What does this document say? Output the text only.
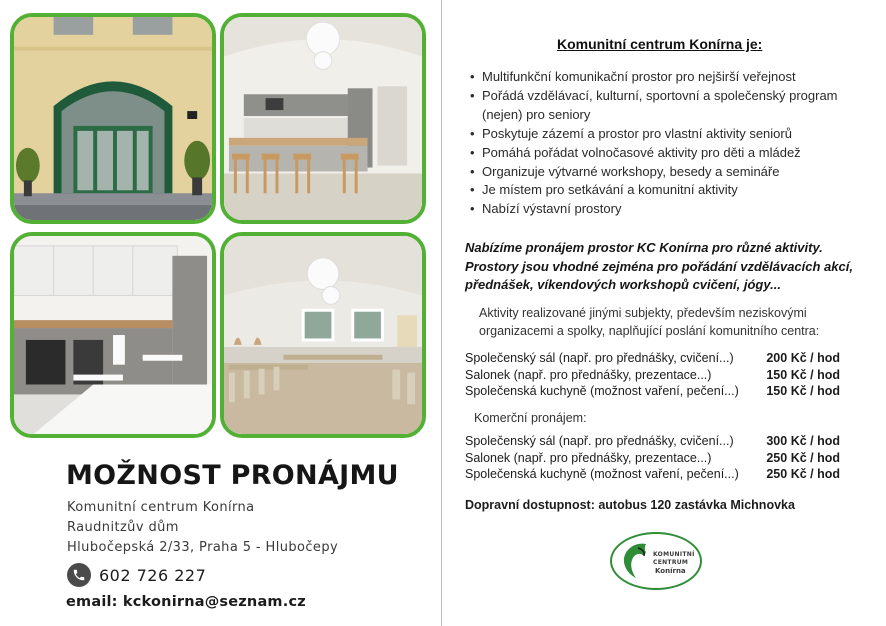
MOŽNOST PRONÁJMU
Komunitní centrum Konírna
Raudnitzův dům
Hlubočepská 2/33, Praha 5 - Hlubočepy
602 726 227
email: kckonirna@seznam.cz
Komunitní centrum Konírna je:
• Multifunkční komunikační prostor pro nejširší veřejnost
• Pořádá vzdělávací, kulturní, sportovní a společenský program (nejen) pro seniory
• Poskytuje zázemí a prostor pro vlastní aktivity seniorů
• Pomáhá pořádat volnočasové aktivity pro děti a mládež
• Organizuje výtvarné workshopy, besedy a semináře
• Je místem pro setkávání a komunitní aktivity
• Nabízí výstavní prostory
Nabízíme pronájem prostor KC Konírna pro různé aktivity. Prostory jsou vhodné zejména pro pořádání vzdělávacích akcí, přednášek, víkendových workshopů cvičení, jógy...
Aktivity realizované jinými subjekty, především neziskovými organizacemi a spolky, naplňující poslání komunitního centra:
Společenský sál (např. pro přednášky, cvičení...)	200 Kč / hod
Salonek (např. pro přednášky, prezentace...)	150 Kč / hod
Společenská kuchyně (možnost vaření, pečení...) 150 Kč / hod
Komerční pronájem:
Společenský sál (např. pro přednášky, cvičení...)	300 Kč / hod
Salonek (např. pro přednášky, prezentace...)	250 Kč / hod
Společenská kuchyně (možnost vaření, pečení...) 250 Kč / hod
Dopravní dostupnost: autobus 120 zastávka Michnovka
KOMUNITNÍ
CENTRUM
Konírna
